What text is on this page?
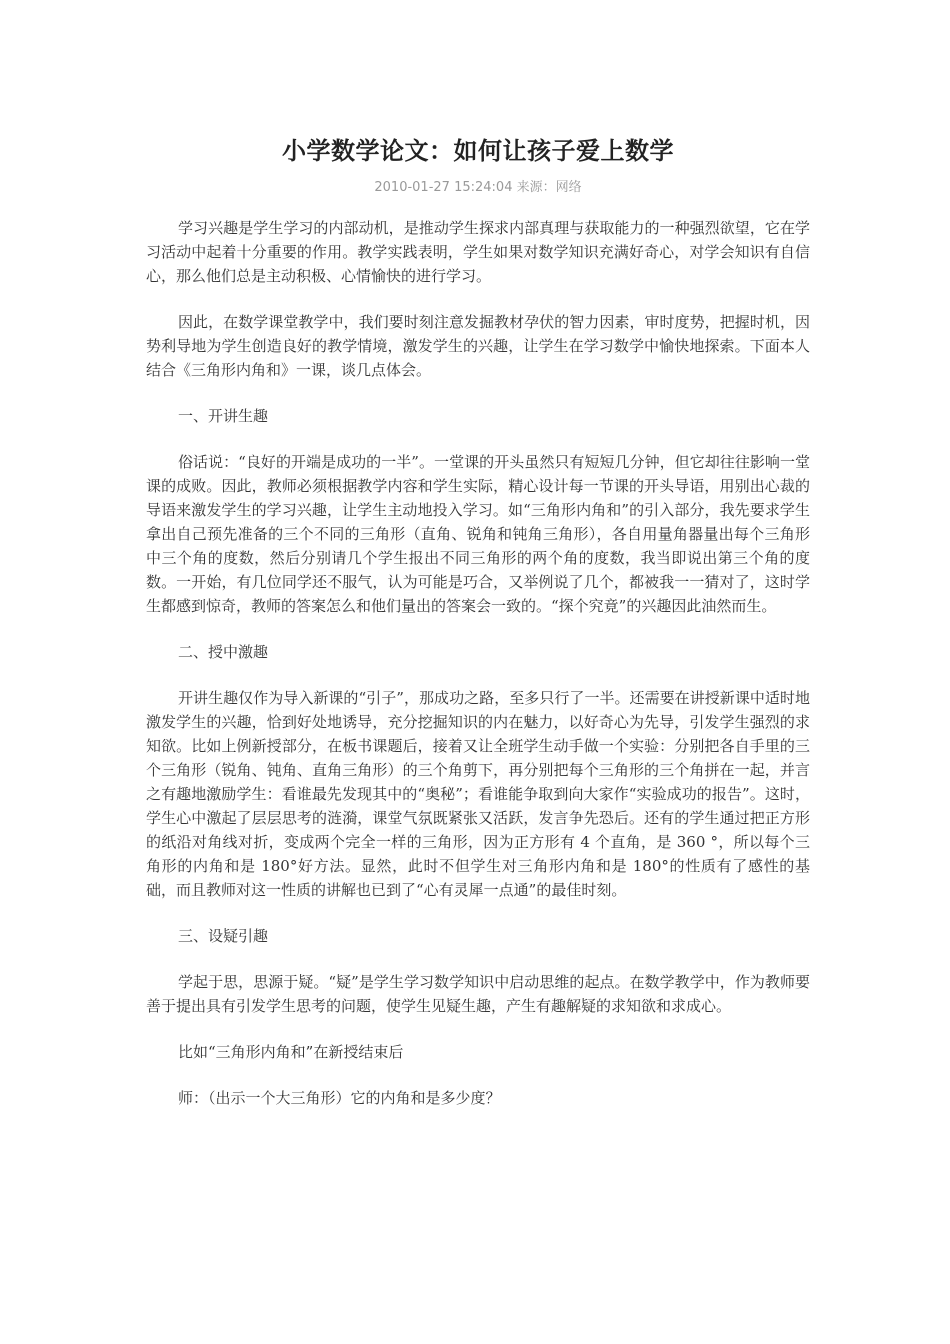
小学数学论文：如何让孩子爱上数学
2010-01-27 15:24:04 来源：网络

学习兴趣是学生学习的内部动机，是推动学生探求内部真理与获取能力的一种强烈欲望，它在学习活动中起着十分重要的作用。教学实践表明，学生如果对数学知识充满好奇心，对学会知识有自信心，那么他们总是主动积极、心情愉快的进行学习。

因此，在数学课堂教学中，我们要时刻注意发掘教材孕伏的智力因素，审时度势，把握时机，因势利导地为学生创造良好的教学情境，激发学生的兴趣，让学生在学习数学中愉快地探索。下面本人结合《三角形内角和》一课，谈几点体会。

一、开讲生趣

俗话说：“良好的开端是成功的一半”。一堂课的开头虽然只有短短几分钟，但它却往往影响一堂课的成败。因此，教师必须根据教学内容和学生实际，精心设计每一节课的开头导语，用别出心裁的导语来激发学生的学习兴趣，让学生主动地投入学习。如“三角形内角和”的引入部分，我先要求学生拿出自己预先准备的三个不同的三角形（直角、锐角和钝角三角形），各自用量角器量出每个三角形中三个角的度数，然后分别请几个学生报出不同三角形的两个角的度数，我当即说出第三个角的度数。一开始，有几位同学还不服气，认为可能是巧合，又举例说了几个，都被我一一猜对了，这时学生都感到惊奇，教师的答案怎么和他们量出的答案会一致的。“探个究竟”的兴趣因此油然而生。

二、授中激趣

开讲生趣仅作为导入新课的“引子”，那成功之路，至多只行了一半。还需要在讲授新课中适时地激发学生的兴趣，恰到好处地诱导，充分挖掘知识的内在魅力，以好奇心为先导，引发学生强烈的求知欲。比如上例新授部分，在板书课题后，接着又让全班学生动手做一个实验：分别把各自手里的三个三角形（锐角、钝角、直角三角形）的三个角剪下，再分别把每个三角形的三个角拼在一起，并言之有趣地激励学生：看谁最先发现其中的“奥秘”；看谁能争取到向大家作“实验成功的报告”。这时，学生心中激起了层层思考的涟漪，课堂气氛既紧张又活跃，发言争先恐后。还有的学生通过把正方形的纸沿对角线对折，变成两个完全一样的三角形，因为正方形有 4 个直角，是 360 °，所以每个三角形的内角和是 180°好方法。显然，此时不但学生对三角形内角和是 180°的性质有了感性的基础，而且教师对这一性质的讲解也已到了“心有灵犀一点通”的最佳时刻。

三、设疑引趣

学起于思，思源于疑。“疑”是学生学习数学知识中启动思维的起点。在数学教学中，作为教师要善于提出具有引发学生思考的问题，使学生见疑生趣，产生有趣解疑的求知欲和求成心。

比如“三角形内角和”在新授结束后

师：（出示一个大三角形）它的内角和是多少度？
